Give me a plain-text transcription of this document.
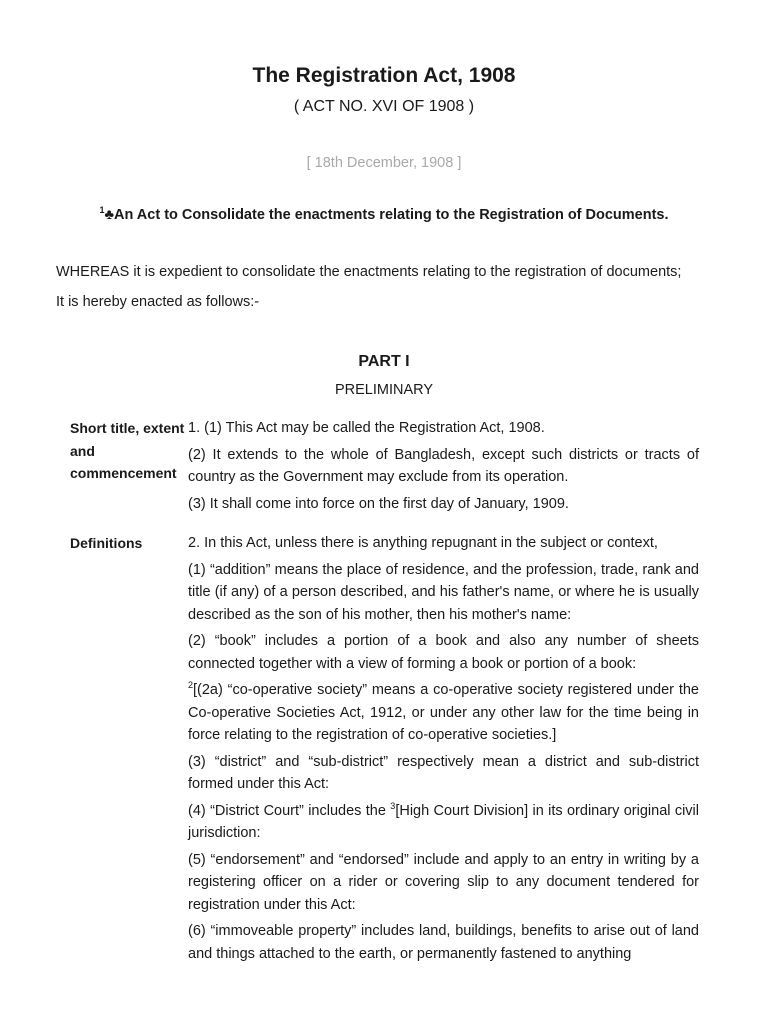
The Registration Act, 1908
( ACT NO. XVI OF 1908 )
[ 18th December, 1908 ]
$^1$♣An Act to Consolidate the enactments relating to the Registration of Documents.
WHEREAS it is expedient to consolidate the enactments relating to the registration of documents;
It is hereby enacted as follows:-
PART I
PRELIMINARY
Short title, extent and commencement

1. (1) This Act may be called the Registration Act, 1908.

(2) It extends to the whole of Bangladesh, except such districts or tracts of country as the Government may exclude from its operation.

(3) It shall come into force on the first day of January, 1909.

Definitions	2. In this Act, unless there is anything repugnant in the subject or context,

(1) “addition” means the place of residence, and the profession, trade, rank and title (if any) of a person described, and his father's name, or where he is usually described as the son of his mother, then his mother's name:

(2) “book” includes a portion of a book and also any number of sheets connected together with a view of forming a book or portion of a book:

$^2$[(2a) “co-operative society” means a co-operative society registered under the Co-operative Societies Act, 1912, or under any other law for the time being in force relating to the registration of co-operative societies.]

(3) “district” and “sub-district” respectively mean a district and sub-district formed under this Act:

(4) “District Court” includes the $^3$[High Court Division] in its ordinary original civil jurisdiction:

(5) “endorsement” and “endorsed” include and apply to an entry in writing by a registering officer on a rider or covering slip to any document tendered for registration under this Act:

(6) “immoveable property” includes land, buildings, benefits to arise out of land and things attached to the earth, or permanently fastened to anything
